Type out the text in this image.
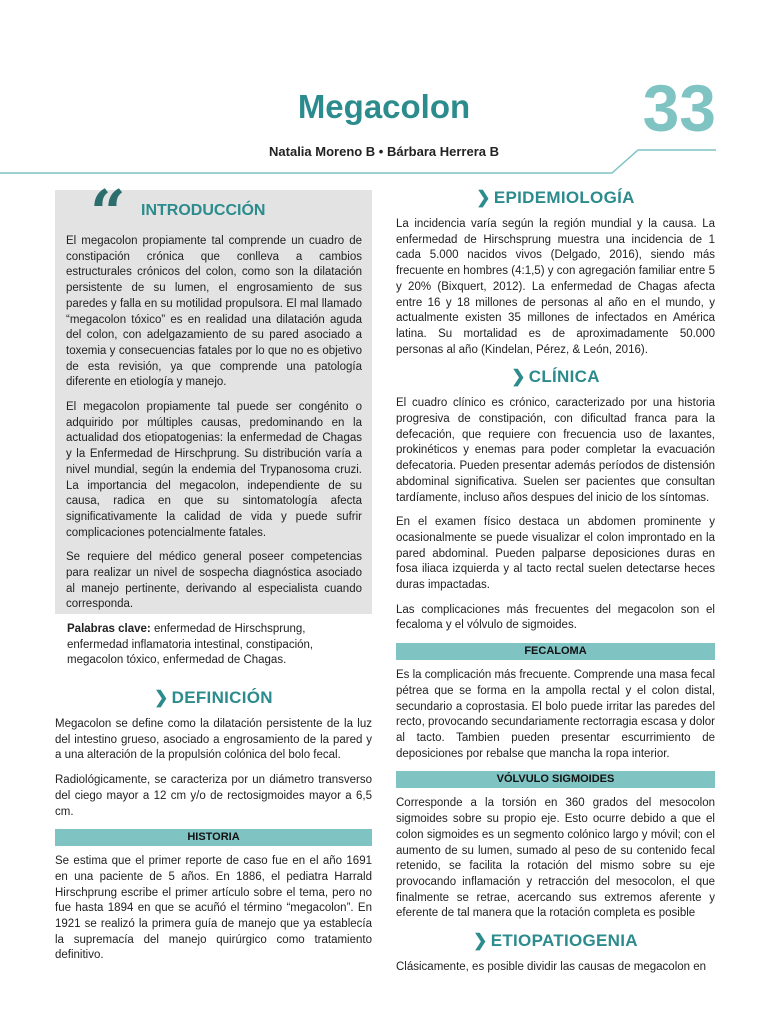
Megacolon	33
Natalia Moreno B • Bárbara Herrera B
“ INTRODUCCIÓN

El megacolon propiamente tal comprende un cuadro de constipación crónica que conlleva a cambios estructurales crónicos del colon, como son la dilatación persistente de su lumen, el engrosamiento de sus paredes y falla en su motilidad propulsora. El mal llamado “megacolon tóxico” es en realidad una dilatación aguda del colon, con adelgazamiento de su pared asociado a toxemia y consecuencias fatales por lo que no es objetivo de esta revisión, ya que comprende una patología diferente en etiología y manejo.

El megacolon propiamente tal puede ser congénito o adquirido por múltiples causas, predominando en la actualidad dos etiopatogenias: la enfermedad de Chagas y la Enfermedad de Hirschprung. Su distribución varía a nivel mundial, según la endemia del Trypanosoma cruzi. La importancia del megacolon, independiente de su causa, radica en que su sintomatología afecta significativamente la calidad de vida y puede sufrir complicaciones potencialmente fatales.

Se requiere del médico general poseer competencias para realizar un nivel de sospecha diagnóstica asociado al manejo pertinente, derivando al especialista cuando corresponda.

Palabras clave: enfermedad de Hirschsprung, enfermedad inflamatoria intestinal, constipación, megacolon tóxico, enfermedad de Chagas.
❯ DEFINICIÓN

Megacolon se define como la dilatación persistente de la luz del intestino grueso, asociado a engrosamiento de la pared y a una alteración de la propulsión colónica del bolo fecal.

Radiológicamente, se caracteriza por un diámetro transverso del ciego mayor a 12 cm y/o de rectosigmoides mayor a 6,5 cm.

HISTORIA

Se estima que el primer reporte de caso fue en el año 1691 en una paciente de 5 años. En 1886, el pediatra Harrald Hirschprung escribe el primer artículo sobre el tema, pero no fue hasta 1894 en que se acuñó el término “megacolon”. En 1921 se realizó la primera guía de manejo que ya establecía la supremacía del manejo quirúrgico como tratamiento definitivo.

❯ EPIDEMIOLOGÍA

La incidencia varía según la región mundial y la causa. La enfermedad de Hirschsprung muestra una incidencia de 1 cada 5.000 nacidos vivos (Delgado, 2016), siendo más frecuente en hombres (4:1,5) y con agregación familiar entre 5 y 20% (Bixquert, 2012). La enfermedad de Chagas afecta entre 16 y 18 millones de personas al año en el mundo, y actualmente existen 35 millones de infectados en América latina. Su mortalidad es de aproximadamente 50.000 personas al año (Kindelan, Pérez, & León, 2016).

❯ CLÍNICA

El cuadro clínico es crónico, caracterizado por una historia progresiva de constipación, con dificultad franca para la defecación, que requiere con frecuencia uso de laxantes, prokinéticos y enemas para poder completar la evacuación defecatoria. Pueden presentar además períodos de distensión abdominal significativa. Suelen ser pacientes que consultan tardíamente, incluso años despues del inicio de los síntomas.

En el examen físico destaca un abdomen prominente y ocasionalmente se puede visualizar el colon improntado en la pared abdominal. Pueden palparse deposiciones duras en fosa iliaca izquierda y al tacto rectal suelen detectarse heces duras impactadas.

Las complicaciones más frecuentes del megacolon son el fecaloma y el vólvulo de sigmoides.

FECALOMA

Es la complicación más frecuente. Comprende una masa fecal pétrea que se forma en la ampolla rectal y el colon distal, secundario a coprostasia. El bolo puede irritar las paredes del recto, provocando secundariamente rectorragia escasa y dolor al tacto. Tambien pueden presentar escurrimiento de deposiciones por rebalse que mancha la ropa interior.

VÓLVULO SIGMOIDES

Corresponde a la torsión en 360 grados del mesocolon sigmoides sobre su propio eje. Esto ocurre debido a que el colon sigmoides es un segmento colónico largo y móvil; con el aumento de su lumen, sumado al peso de su contenido fecal retenido, se facilita la rotación del mismo sobre su eje provocando inflamación y retracción del mesocolon, el que finalmente se retrae, acercando sus extremos aferente y eferente de tal manera que la rotación completa es posible

❯ ETIOPATIOGENIA

Clásicamente, es posible dividir las causas de megacolon en
